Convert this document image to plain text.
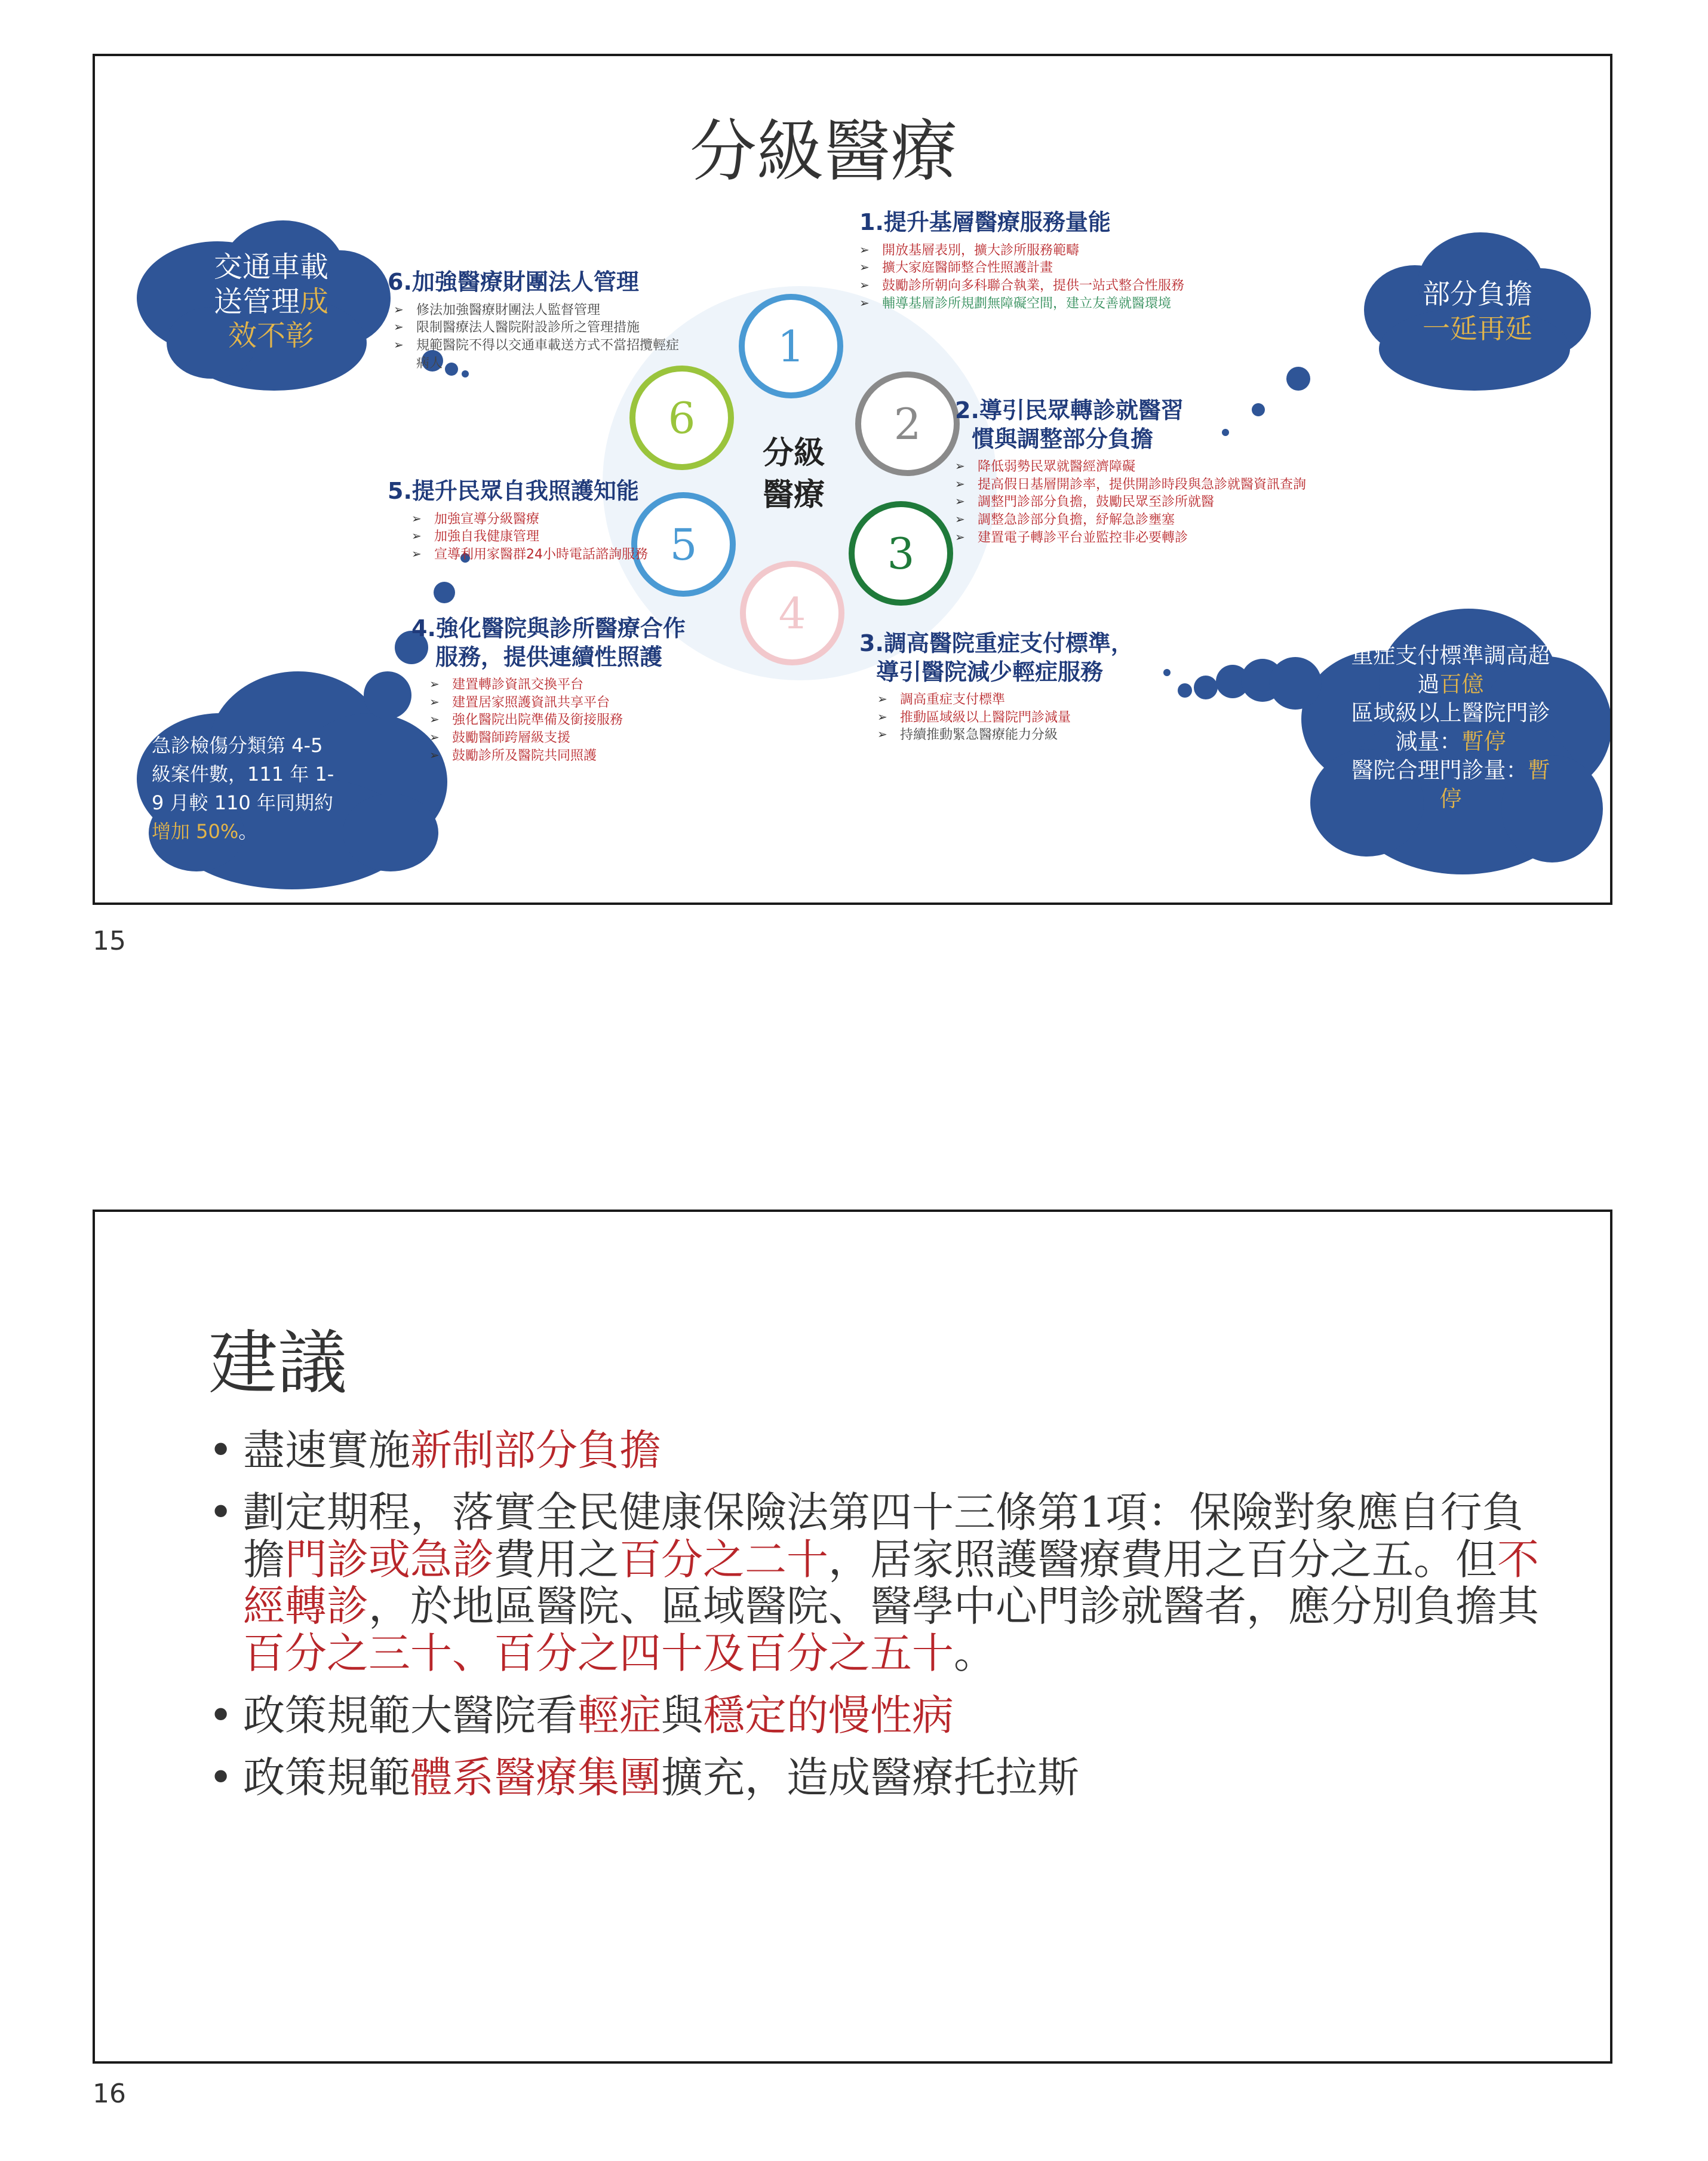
分級醫療
1
2
3
4
5
6
分級
醫療
1.提升基層醫療服務量能
➢ 開放基層表別，擴大診所服務範疇
➢ 擴大家庭醫師整合性照護計畫
➢ 鼓勵診所朝向多科聯合執業，提供一站式整合性服務
➢ 輔導基層診所規劃無障礙空間，建立友善就醫環境
2.導引民眾轉診就醫習
慣與調整部分負擔
➢ 降低弱勢民眾就醫經濟障礙
➢ 提高假日基層開診率，提供開診時段與急診就醫資訊查詢
➢ 調整門診部分負擔，鼓勵民眾至診所就醫
➢ 調整急診部分負擔，紓解急診壅塞
➢ 建置電子轉診平台並監控非必要轉診
3.調高醫院重症支付標準，
導引醫院減少輕症服務
➢ 調高重症支付標準
➢ 推動區域級以上醫院門診減量
➢ 持續推動緊急醫療能力分級
4.強化醫院與診所醫療合作
服務，提供連續性照護
➢ 建置轉診資訊交換平台
➢ 建置居家照護資訊共享平台
➢ 強化醫院出院準備及銜接服務
➢ 鼓勵醫師跨層級支援
➢ 鼓勵診所及醫院共同照護
5.提升民眾自我照護知能
➢ 加強宣導分級醫療
➢ 加強自我健康管理
➢ 宣導利用家醫群24小時電話諮詢服務
6.加強醫療財團法人管理
➢ 修法加強醫療財團法人監督管理
➢ 限制醫療法人醫院附設診所之管理措施
➢ 規範醫院不得以交通車載送方式不當招攬輕症病人
交通車載
送管理成
效不彰
部分負擔
一延再延
急診檢傷分類第 4-5
級案件數，111 年 1-
9 月較 110 年同期約
增加 50%。
重症支付標準調高超
過百億
區域級以上醫院門診
減量：暫停
醫院合理門診量：暫
停
15
建議
• 盡速實施新制部分負擔
• 劃定期程，落實全民健康保險法第四十三條第1項：保險對象應自行負擔門診或急診費用之百分之二十，居家照護醫療費用之百分之五。但不經轉診，於地區醫院、區域醫院、醫學中心門診就醫者，應分別負擔其百分之三十、百分之四十及百分之五十。
• 政策規範大醫院看輕症與穩定的慢性病
• 政策規範體系醫療集團擴充，造成醫療托拉斯
16
